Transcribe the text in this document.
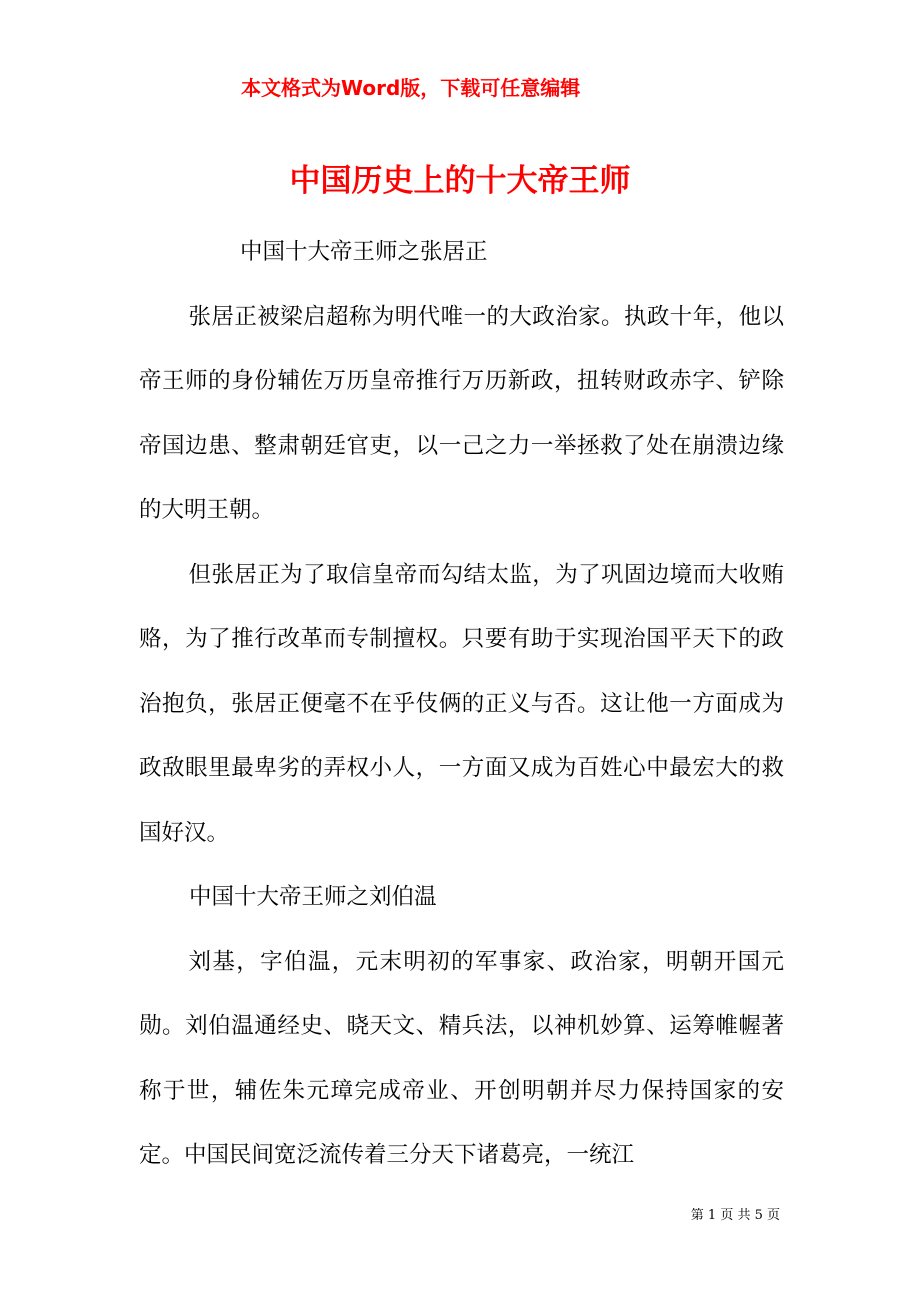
本文格式为Word版，下载可任意编辑
中国历史上的十大帝王师

中国十大帝王师之张居正

张居正被梁启超称为明代唯一的大政治家。执政十年，他以帝王师的身份辅佐万历皇帝推行万历新政，扭转财政赤字、铲除帝国边患、整肃朝廷官吏，以一己之力一举拯救了处在崩溃边缘的大明王朝。

但张居正为了取信皇帝而勾结太监，为了巩固边境而大收贿赂，为了推行改革而专制擅权。只要有助于实现治国平天下的政治抱负，张居正便毫不在乎伎俩的正义与否。这让他一方面成为政敌眼里最卑劣的弄权小人，一方面又成为百姓心中最宏大的救国好汉。

中国十大帝王师之刘伯温

刘基，字伯温，元末明初的军事家、政治家，明朝开国元勋。刘伯温通经史、晓天文、精兵法，以神机妙算、运筹帷幄著称于世，辅佐朱元璋完成帝业、开创明朝并尽力保持国家的安定。中国民间宽泛流传着三分天下诸葛亮，一统江

第 1 页 共 5 页
